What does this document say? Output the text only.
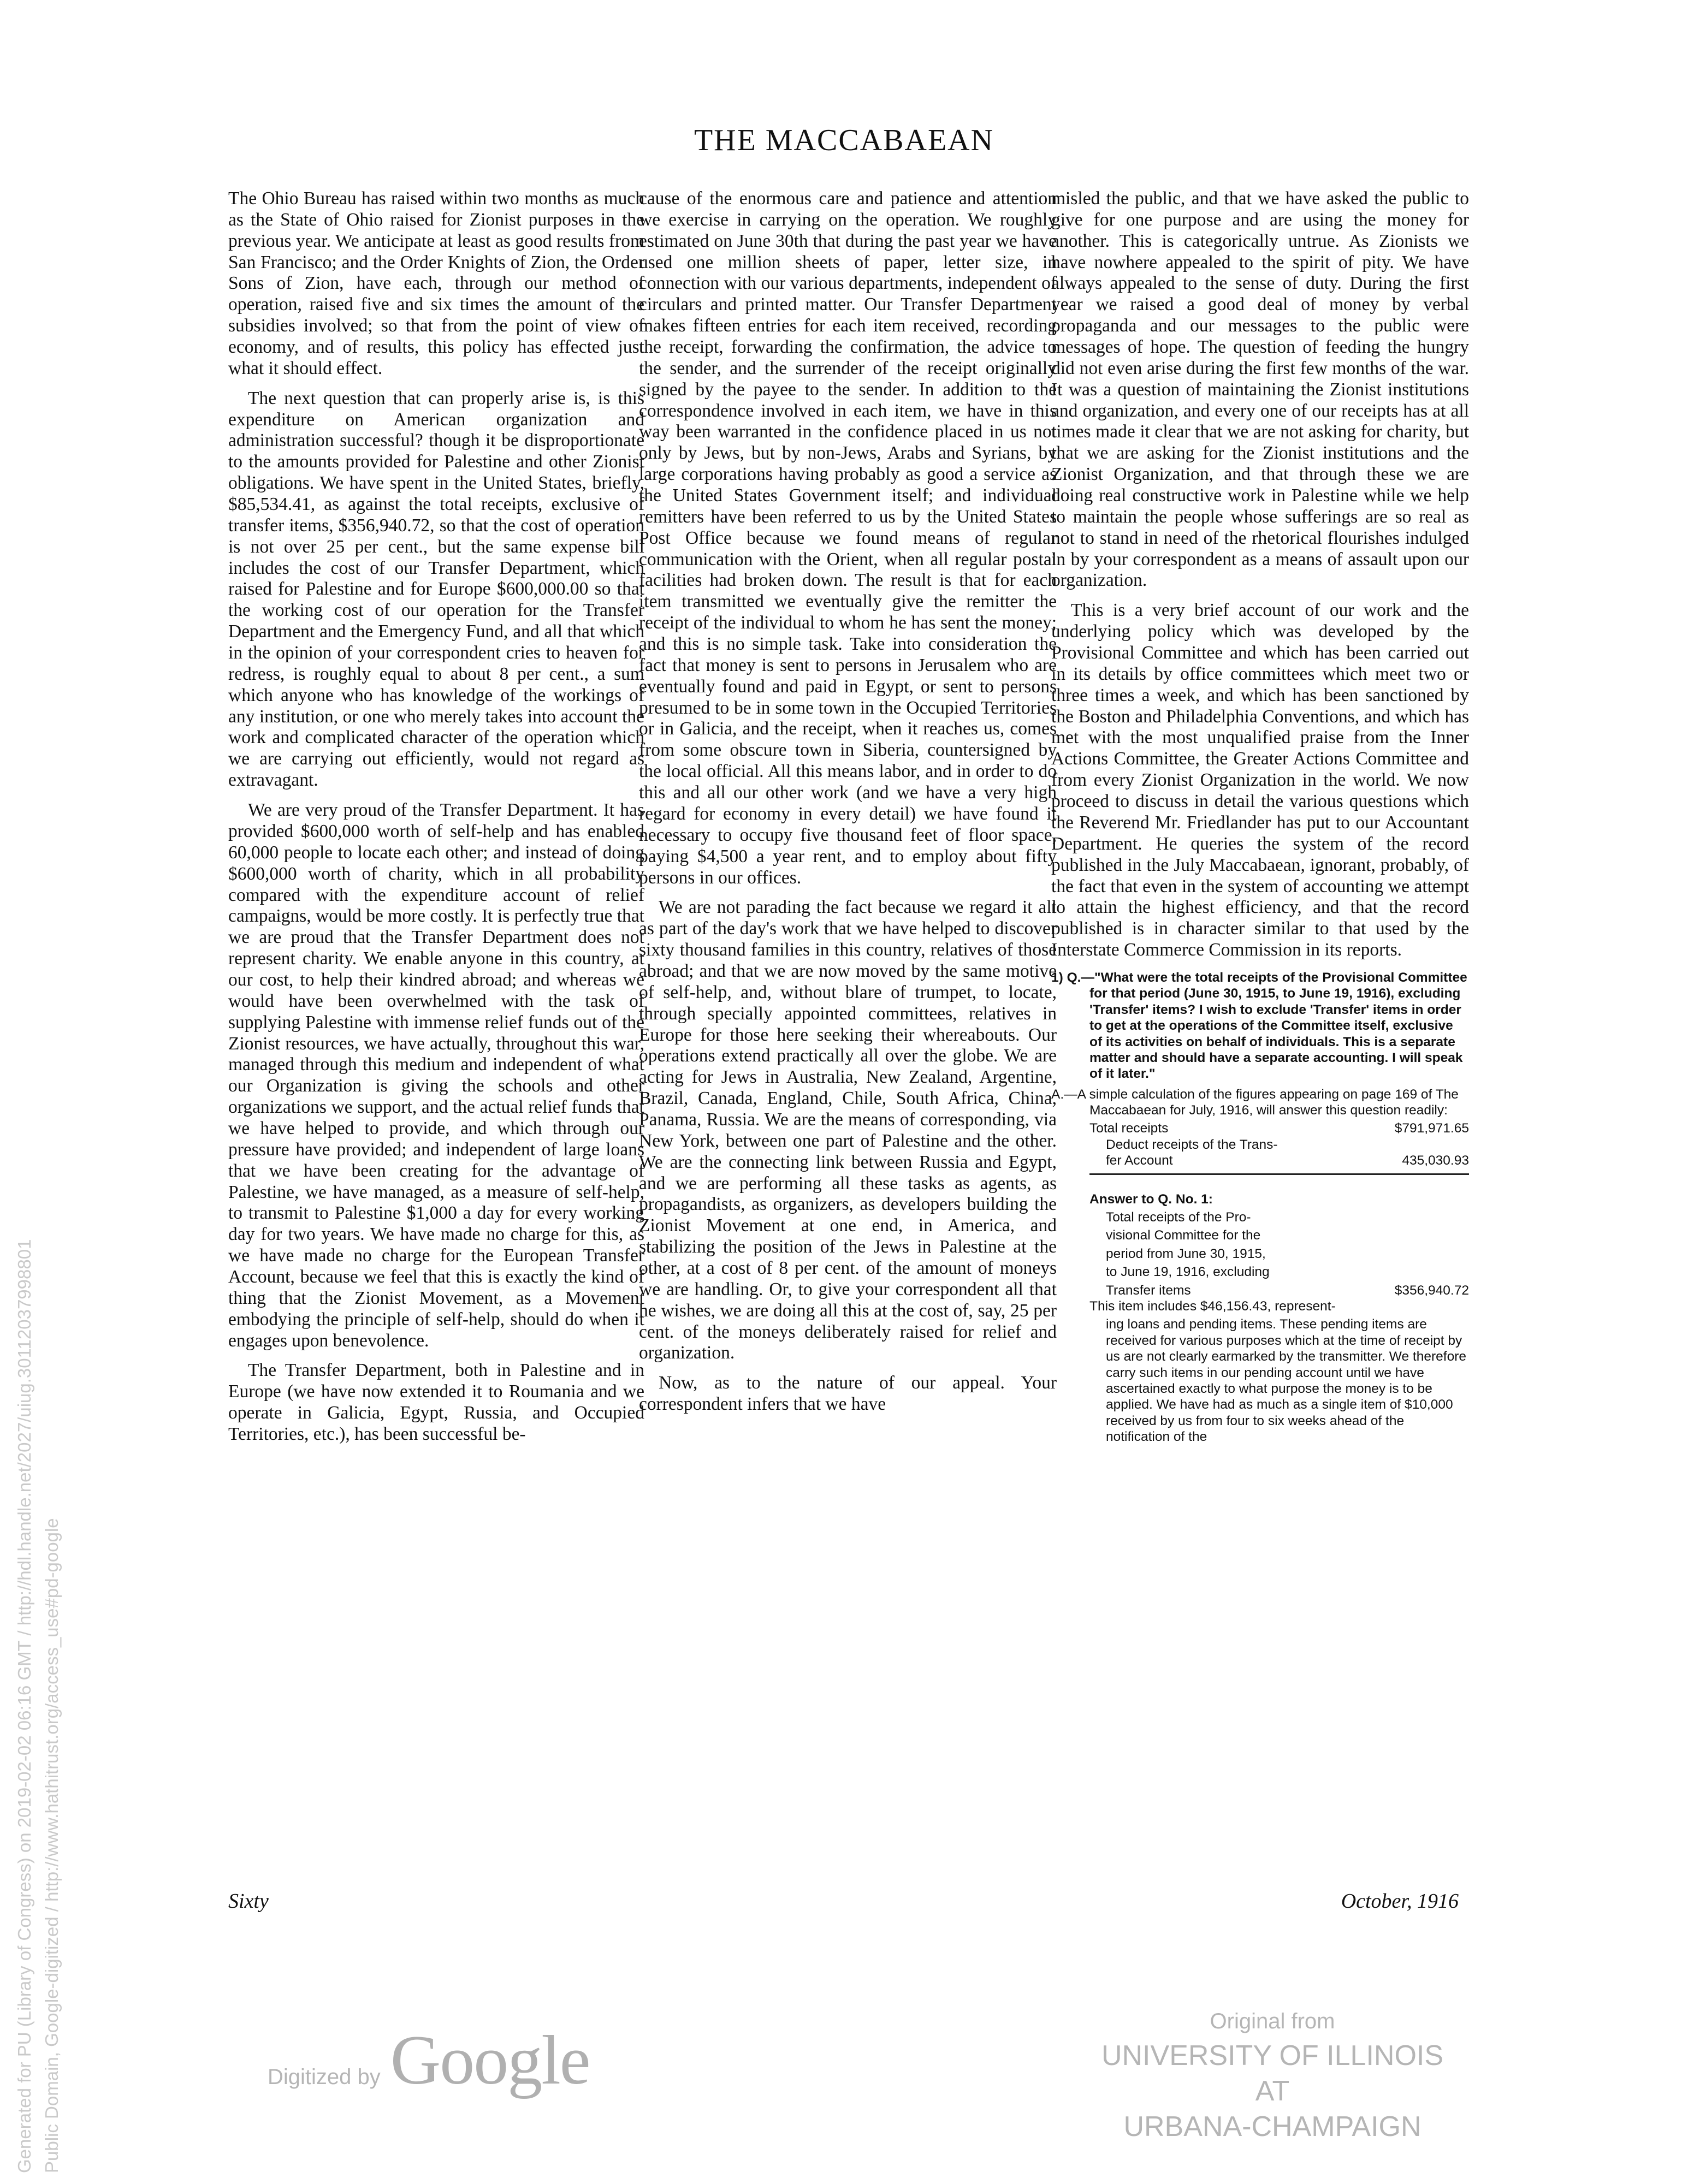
THE MACCABAEAN

The Ohio Bureau has raised within two months as much as the State of Ohio raised for Zionist purposes in the previous year. We anticipate at least as good results from San Francisco; and the Order Knights of Zion, the Order Sons of Zion, have each, through our method of operation, raised five and six times the amount of the subsidies involved; so that from the point of view of economy, and of results, this policy has effected just what it should effect.

The next question that can properly arise is, is this expenditure on American organization and administration successful? though it be disproportionate to the amounts provided for Palestine and other Zionist obligations. We have spent in the United States, briefly, $85,534.41, as against the total receipts, exclusive of transfer items, $356,940.72, so that the cost of operation is not over 25 per cent., but the same expense bill includes the cost of our Transfer Department, which raised for Palestine and for Europe $600,000.00 so that the working cost of our operation for the Transfer Department and the Emergency Fund, and all that which in the opinion of your correspondent cries to heaven for redress, is roughly equal to about 8 per cent., a sum which anyone who has knowledge of the workings of any institution, or one who merely takes into account the work and complicated character of the operation which we are carrying out efficiently, would not regard as extravagant.

We are very proud of the Transfer Department. It has provided $600,000 worth of self-help and has enabled 60,000 people to locate each other; and instead of doing $600,000 worth of charity, which in all probability compared with the expenditure account of relief campaigns, would be more costly. It is perfectly true that we are proud that the Transfer Department does not represent charity. We enable anyone in this country, at our cost, to help their kindred abroad; and whereas we would have been overwhelmed with the task of supplying Palestine with immense relief funds out of the Zionist resources, we have actually, throughout this war, managed through this medium and independent of what our Organization is giving the schools and other organizations we support, and the actual relief funds that we have helped to provide, and which through our pressure have provided; and independent of large loans that we have been creating for the advantage of Palestine, we have managed, as a measure of self-help, to transmit to Palestine $1,000 a day for every working day for two years. We have made no charge for this, as we have made no charge for the European Transfer Account, because we feel that this is exactly the kind of thing that the Zionist Movement, as a Movement embodying the principle of self-help, should do when it engages upon benevolence.

The Transfer Department, both in Palestine and in Europe (we have now extended it to Roumania and we operate in Galicia, Egypt, Russia, and Occupied Territories, etc.), has been successful be-

cause of the enormous care and patience and attention we exercise in carrying on the operation. We roughly estimated on June 30th that during the past year we have used one million sheets of paper, letter size, in connection with our various departments, independent of circulars and printed matter. Our Transfer Department makes fifteen entries for each item received, recording the receipt, forwarding the confirmation, the advice to the sender, and the surrender of the receipt originally signed by the payee to the sender. In addition to the correspondence involved in each item, we have in this way been warranted in the confidence placed in us not only by Jews, but by non-Jews, Arabs and Syrians, by large corporations having probably as good a service as the United States Government itself; and individual remitters have been referred to us by the United States Post Office because we found means of regular communication with the Orient, when all regular postal facilities had broken down. The result is that for each item transmitted we eventually give the remitter the receipt of the individual to whom he has sent the money; and this is no simple task. Take into consideration the fact that money is sent to persons in Jerusalem who are eventually found and paid in Egypt, or sent to persons presumed to be in some town in the Occupied Territories or in Galicia, and the receipt, when it reaches us, comes from some obscure town in Siberia, countersigned by the local official. All this means labor, and in order to do this and all our other work (and we have a very high regard for economy in every detail) we have found it necessary to occupy five thousand feet of floor space, paying $4,500 a year rent, and to employ about fifty persons in our offices.

We are not parading the fact because we regard it all as part of the day's work that we have helped to discover sixty thousand families in this country, relatives of those abroad; and that we are now moved by the same motive of self-help, and, without blare of trumpet, to locate, through specially appointed committees, relatives in Europe for those here seeking their whereabouts. Our operations extend practically all over the globe. We are acting for Jews in Australia, New Zealand, Argentine, Brazil, Canada, England, Chile, South Africa, China, Panama, Russia. We are the means of corresponding, via New York, between one part of Palestine and the other. We are the connecting link between Russia and Egypt, and we are performing all these tasks as agents, as propagandists, as organizers, as developers building the Zionist Movement at one end, in America, and stabilizing the position of the Jews in Palestine at the other, at a cost of 8 per cent. of the amount of moneys we are handling. Or, to give your correspondent all that he wishes, we are doing all this at the cost of, say, 25 per cent. of the moneys deliberately raised for relief and organization.

Now, as to the nature of our appeal. Your correspondent infers that we have

misled the public, and that we have asked the public to give for one purpose and are using the money for another. This is categorically untrue. As Zionists we have nowhere appealed to the spirit of pity. We have always appealed to the sense of duty. During the first year we raised a good deal of money by verbal propaganda and our messages to the public were messages of hope. The question of feeding the hungry did not even arise during the first few months of the war. It was a question of maintaining the Zionist institutions and organization, and every one of our receipts has at all times made it clear that we are not asking for charity, but that we are asking for the Zionist institutions and the Zionist Organization, and that through these we are doing real constructive work in Palestine while we help to maintain the people whose sufferings are so real as not to stand in need of the rhetorical flourishes indulged in by your correspondent as a means of assault upon our organization.

This is a very brief account of our work and the underlying policy which was developed by the Provisional Committee and which has been carried out in its details by office committees which meet two or three times a week, and which has been sanctioned by the Boston and Philadelphia Conventions, and which has met with the most unqualified praise from the Inner Actions Committee, the Greater Actions Committee and from every Zionist Organization in the world. We now proceed to discuss in detail the various questions which the Reverend Mr. Friedlander has put to our Accountant Department. He queries the system of the record published in the July Maccabaean, ignorant, probably, of the fact that even in the system of accounting we attempt to attain the highest efficiency, and that the record published is in character similar to that used by the Interstate Commerce Commission in its reports.

1) Q.—"What were the total receipts of the Provisional Committee for that period (June 30, 1915, to June 19, 1916), excluding 'Transfer' items? I wish to exclude 'Transfer' items in order to get at the operations of the Committee itself, exclusive of its activities on behalf of individuals. This is a separate matter and should have a separate accounting. I will speak of it later."

A.—A simple calculation of the figures appearing on page 169 of The Maccabaean for July, 1916, will answer this question readily:

Total receipts	$791,971.65
Deduct receipts of the Trans-
fer Account	435,030.93

Answer to Q. No. 1:

Total receipts of the Pro-

visional Committee for the

period from June 30, 1915,

to June 19, 1916, excluding

Transfer items	$356,940.72

This item includes $46,156.43, represent-

ing loans and pending items. These pending items are received for various purposes which at the time of receipt by us are not clearly earmarked by the transmitter. We therefore carry such items in our pending account until we have ascertained exactly to what purpose the money is to be applied. We have had as much as a single item of $10,000 received by us from four to six weeks ahead of the notification of the

Sixty	October, 1916
Generated for PU (Library of Congress) on 2019-02-02 06:16 GMT / http://hdl.handle.net/2027/uiug.30112037998801 Public Domain, Google-digitized / http://www.hathitrust.org/access_use#pd-google	Digitized by Google	Original from
UNIVERSITY OF ILLINOIS AT
URBANA-CHAMPAIGN
